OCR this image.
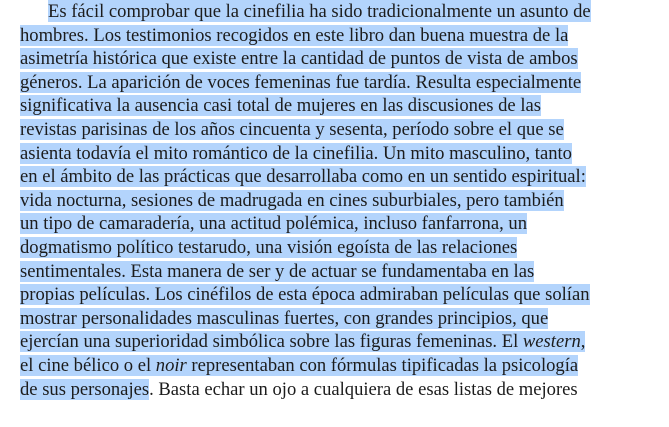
Es fácil comprobar que la cinefilia ha sido tradicionalmente un asunto de
hombres. Los testimonios recogidos en este libro dan buena muestra de la
asimetría histórica que existe entre la cantidad de puntos de vista de ambos
géneros. La aparición de voces femeninas fue tardía. Resulta especialmente
significativa la ausencia casi total de mujeres en las discusiones de las
revistas parisinas de los años cincuenta y sesenta, período sobre el que se
asienta todavía el mito romántico de la cinefilia. Un mito masculino, tanto
en el ámbito de las prácticas que desarrollaba como en un sentido espiritual:
vida nocturna, sesiones de madrugada en cines suburbiales, pero también
un tipo de camaradería, una actitud polémica, incluso fanfarrona, un
dogmatismo político testarudo, una visión egoísta de las relaciones
sentimentales. Esta manera de ser y de actuar se fundamentaba en las
propias películas. Los cinéfilos de esta época admiraban películas que solían
mostrar personalidades masculinas fuertes, con grandes principios, que
ejercían una superioridad simbólica sobre las figuras femeninas. El western,
el cine bélico o el noir representaban con fórmulas tipificadas la psicología
de sus personajes. Basta echar un ojo a cualquiera de esas listas de mejores
